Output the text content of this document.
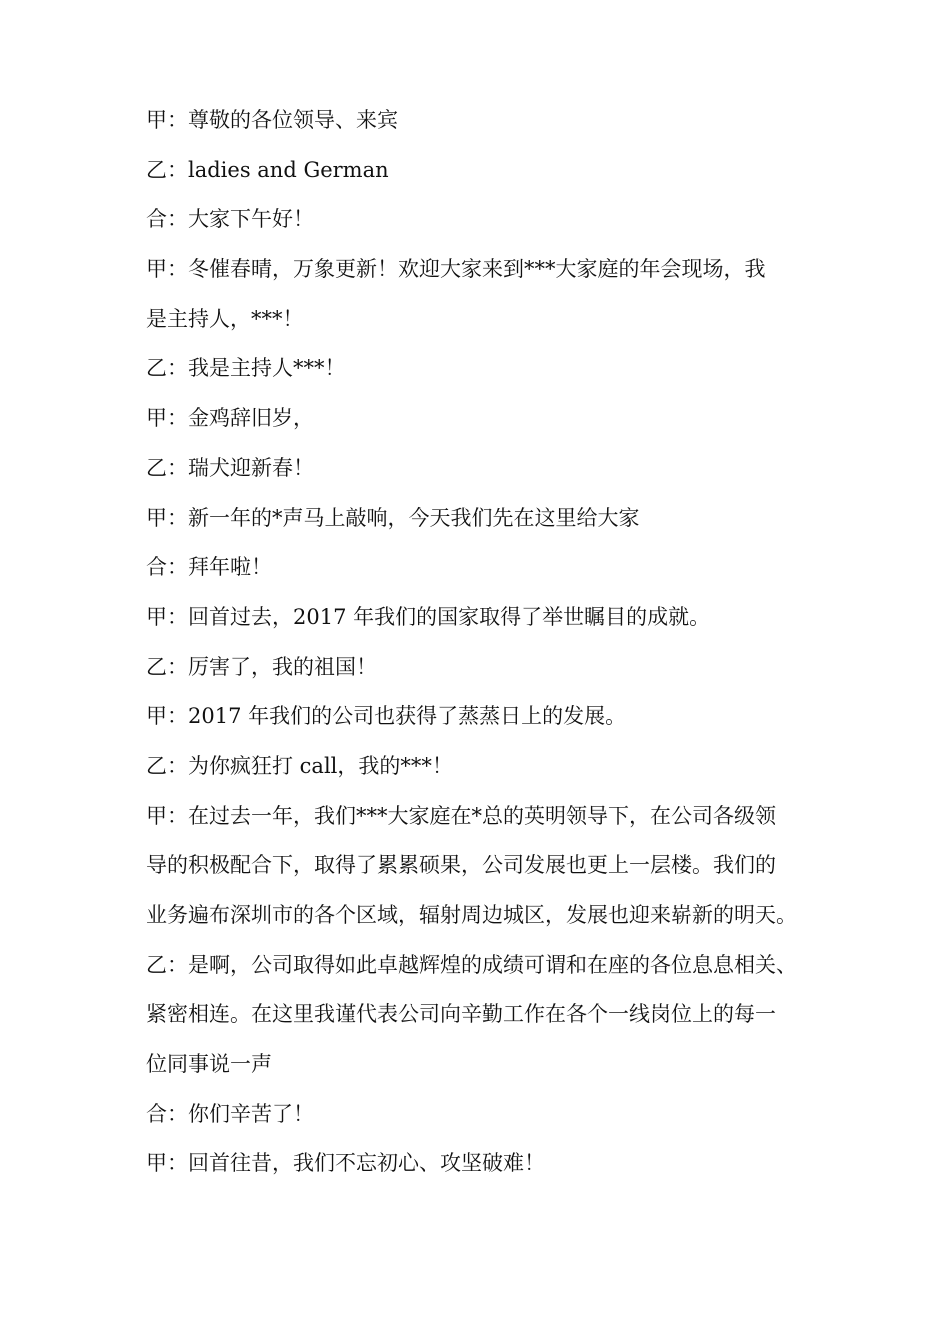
甲：尊敬的各位领导、来宾
乙：ladies and German
合：大家下午好！
甲：冬催春晴，万象更新！欢迎大家来到***大家庭的年会现场，我
是主持人，***！
乙：我是主持人***！
甲：金鸡辞旧岁，
乙：瑞犬迎新春！
甲：新一年的*声马上敲响，今天我们先在这里给大家
合：拜年啦！
甲：回首过去，2017 年我们的国家取得了举世瞩目的成就。
乙：厉害了，我的祖国！
甲：2017 年我们的公司也获得了蒸蒸日上的发展。
乙：为你疯狂打 call，我的***！
甲：在过去一年，我们***大家庭在*总的英明领导下，在公司各级领
导的积极配合下，取得了累累硕果，公司发展也更上一层楼。我们的
业务遍布深圳市的各个区域，辐射周边城区，发展也迎来崭新的明天。
乙：是啊，公司取得如此卓越辉煌的成绩可谓和在座的各位息息相关、
紧密相连。在这里我谨代表公司向辛勤工作在各个一线岗位上的每一
位同事说一声
合：你们辛苦了！
甲：回首往昔，我们不忘初心、攻坚破难！
